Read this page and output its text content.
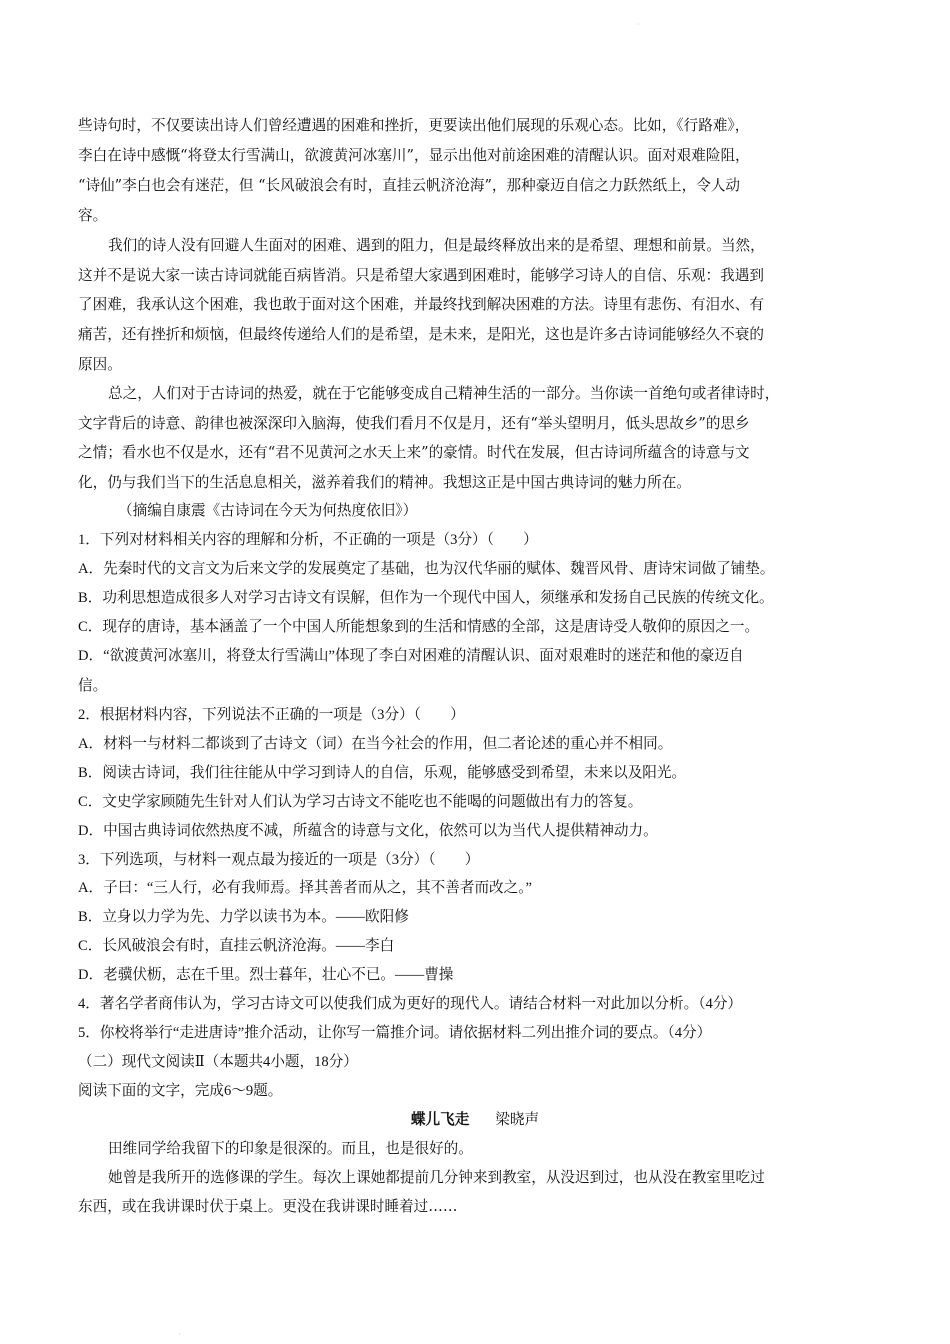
·
·
些诗句时，不仅要读出诗人们曾经遭遇的困难和挫折，更要读出他们展现的乐观心态。比如，《行路难》，
李白在诗中感慨“将登太行雪满山，欲渡黄河冰塞川”，显示出他对前途困难的清醒认识。面对艰难险阻，
“诗仙”李白也会有迷茫，但 “长风破浪会有时，直挂云帆济沧海”，那种豪迈自信之力跃然纸上，令人动
容。
我们的诗人没有回避人生面对的困难、遇到的阻力，但是最终释放出来的是希望、理想和前景。当然，
这并不是说大家一读古诗词就能百病皆消。只是希望大家遇到困难时，能够学习诗人的自信、乐观：我遇到
了困难，我承认这个困难，我也敢于面对这个困难，并最终找到解决困难的方法。诗里有悲伤、有泪水、有
痛苦，还有挫折和烦恼，但最终传递给人们的是希望，是未来，是阳光，这也是许多古诗词能够经久不衰的
原因。
总之，人们对于古诗词的热爱，就在于它能够变成自己精神生活的一部分。当你读一首绝句或者律诗时，
文字背后的诗意、韵律也被深深印入脑海，使我们看月不仅是月，还有“举头望明月，低头思故乡”的思乡
之情；看水也不仅是水，还有“君不见黄河之水天上来”的豪情。时代在发展，但古诗词所蕴含的诗意与文
化，仍与我们当下的生活息息相关，滋养着我们的精神。我想这正是中国古典诗词的魅力所在。
（摘编自康震《古诗词在今天为何热度依旧》）
1．下列对材料相关内容的理解和分析，不正确的一项是（3分）（　　）
A．先秦时代的文言文为后来文学的发展奠定了基础，也为汉代华丽的赋体、魏晋风骨、唐诗宋词做了铺垫。
B．功利思想造成很多人对学习古诗文有误解，但作为一个现代中国人，须继承和发扬自己民族的传统文化。
C．现存的唐诗，基本涵盖了一个中国人所能想象到的生活和情感的全部，这是唐诗受人敬仰的原因之一。
D．“欲渡黄河冰塞川，将登太行雪满山”体现了李白对困难的清醒认识、面对艰难时的迷茫和他的豪迈自
信。
2．根据材料内容，下列说法不正确的一项是（3分）（　　）
A．材料一与材料二都谈到了古诗文（词）在当今社会的作用，但二者论述的重心并不相同。
B．阅读古诗词，我们往往能从中学习到诗人的自信，乐观，能够感受到希望，未来以及阳光。
C．文史学家顾随先生针对人们认为学习古诗文不能吃也不能喝的问题做出有力的答复。
D．中国古典诗词依然热度不减，所蕴含的诗意与文化，依然可以为当代人提供精神动力。
3．下列选项，与材料一观点最为接近的一项是（3分）（　　）
A．子曰：“三人行，必有我师焉。择其善者而从之，其不善者而改之。”
B．立身以力学为先、力学以读书为本。——欧阳修
C．长风破浪会有时，直挂云帆济沧海。——李白
D．老骥伏枥，志在千里。烈士暮年，壮心不已。——曹操
4．著名学者商伟认为，学习古诗文可以使我们成为更好的现代人。请结合材料一对此加以分析。（4分）
5．你校将举行“走进唐诗”推介活动，让你写一篇推介词。请依据材料二列出推介词的要点。（4分）
（二）现代文阅读Ⅱ（本题共4小题，18分）
阅读下面的文字，完成6～9题。
蝶儿飞走 梁晓声
田维同学给我留下的印象是很深的。而且，也是很好的。
她曾是我所开的选修课的学生。每次上课她都提前几分钟来到教室，从没迟到过，也从没在教室里吃过
东西，或在我讲课时伏于桌上。更没在我讲课时睡着过……
